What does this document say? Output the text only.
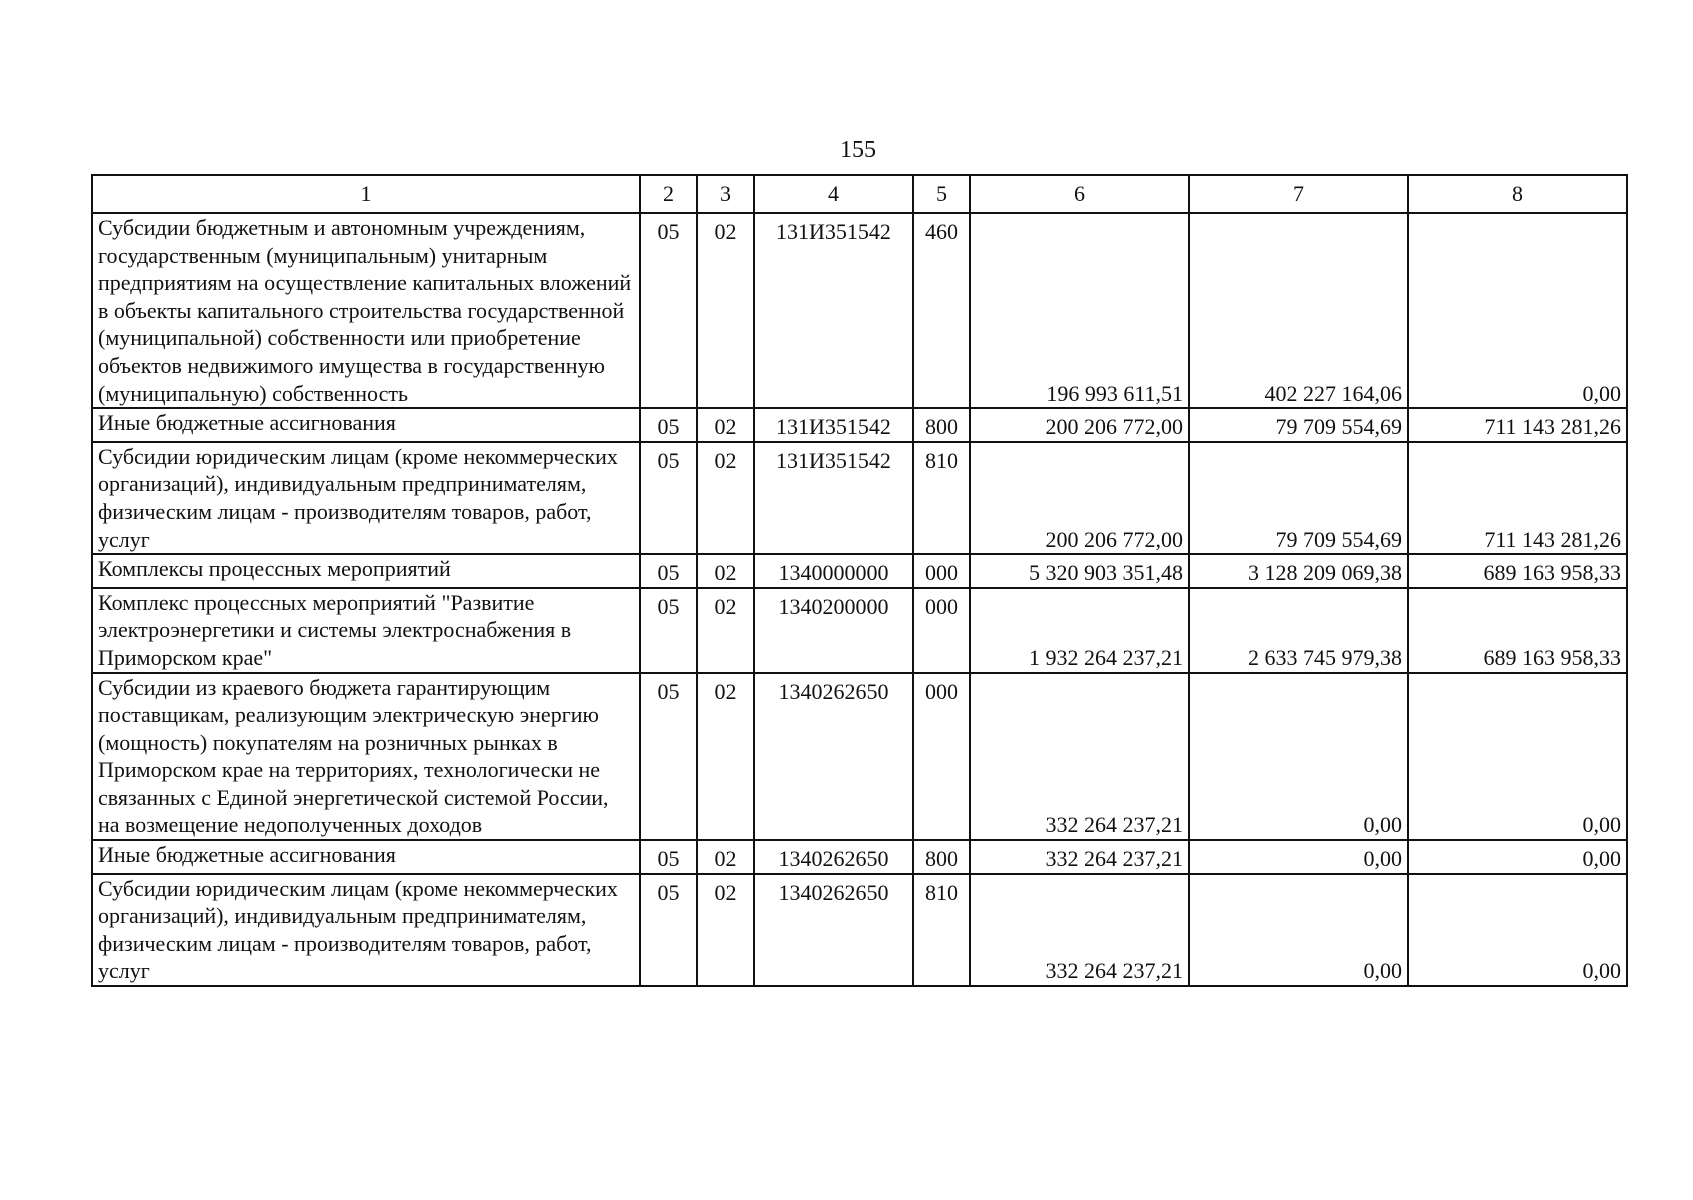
155
1	2	3	4	5	6	7	8
Субсидии бюджетным и автономным учреждениям, государственным (муниципальным) унитарным предприятиям на осуществление капитальных вложений в объекты капитального строительства государственной (муниципальной) собственности или приобретение объектов недвижимого имущества в государственную (муниципальную) собственность	05	02	131И351542	460	196 993 611,51	402 227 164,06	0,00
Иные бюджетные ассигнования	05	02	131И351542	800	200 206 772,00	79 709 554,69	711 143 281,26
Субсидии юридическим лицам (кроме некоммерческих организаций), индивидуальным предпринимателям, физическим лицам - производителям товаров, работ, услуг	05	02	131И351542	810	200 206 772,00	79 709 554,69	711 143 281,26
Комплексы процессных мероприятий	05	02	1340000000	000	5 320 903 351,48	3 128 209 069,38	689 163 958,33
Комплекс процессных мероприятий "Развитие электроэнергетики и системы электроснабжения в Приморском крае"	05	02	1340200000	000	1 932 264 237,21	2 633 745 979,38	689 163 958,33
Субсидии из краевого бюджета гарантирующим поставщикам, реализующим электрическую энергию (мощность) покупателям на розничных рынках в Приморском крае на территориях, технологически не связанных с Единой энергетической системой России, на возмещение недополученных доходов	05	02	1340262650	000	332 264 237,21	0,00	0,00
Иные бюджетные ассигнования	05	02	1340262650	800	332 264 237,21	0,00	0,00
Субсидии юридическим лицам (кроме некоммерческих организаций), индивидуальным предпринимателям, физическим лицам - производителям товаров, работ, услуг	05	02	1340262650	810	332 264 237,21	0,00	0,00
